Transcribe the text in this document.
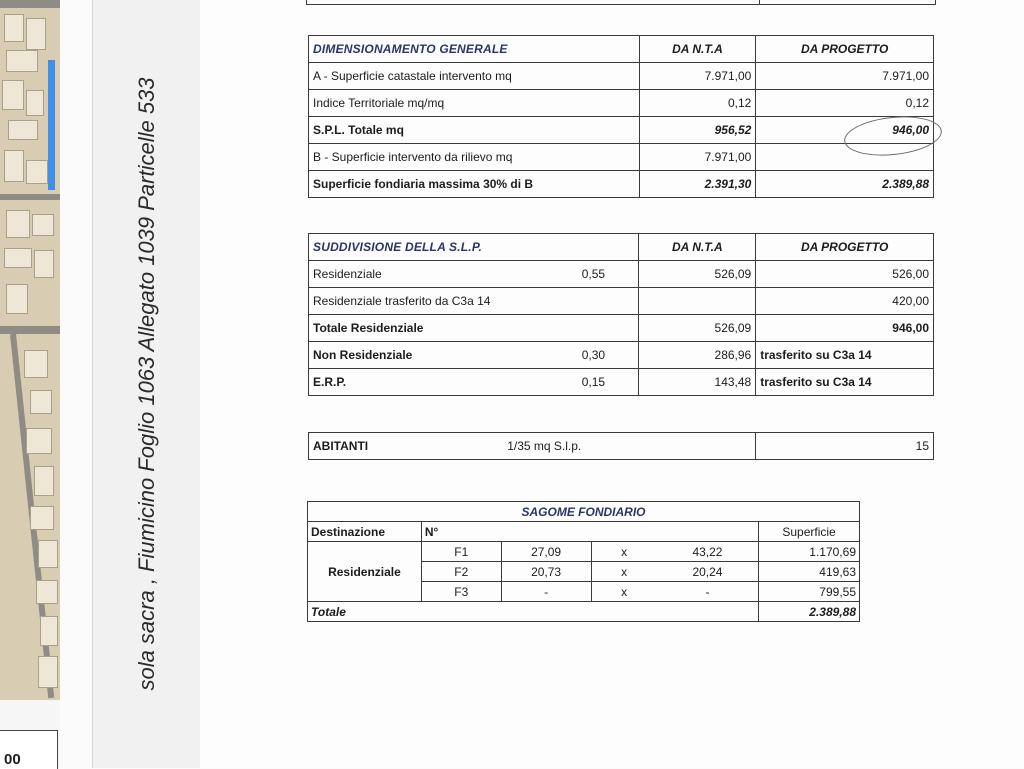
00
sola sacra , Fiumicino Foglio 1063 Allegato 1039 Particelle 533
DIMENSIONAMENTO GENERALE	DA N.T.A	DA PROGETTO
A - Superficie catastale intervento mq	7.971,00	7.971,00
Indice Territoriale mq/mq	0,12	0,12
S.P.L. Totale mq	956,52	946,00
B - Superficie intervento da rilievo mq	7.971,00	
Superficie fondiaria massima 30% di B	2.391,30	2.389,88
SUDDIVISIONE DELLA S.L.P.		DA N.T.A	DA PROGETTO
Residenziale	0,55	526,09	526,00
Residenziale trasferito da C3a 14			420,00
Totale Residenziale		526,09	946,00
Non Residenziale	0,30	286,96	trasferito su C3a 14
E.R.P.	0,15	143,48	trasferito su C3a 14
ABITANTI	1/35 mq S.l.p.	15
SAGOME FONDIARIO					
Destinazione	N°				Superficie
Residenziale	F1	27,09	x	43,22	1.170,69
	F2	20,73	x	20,24	419,63
	F3	-	x	-	799,55
Totale					2.389,88
